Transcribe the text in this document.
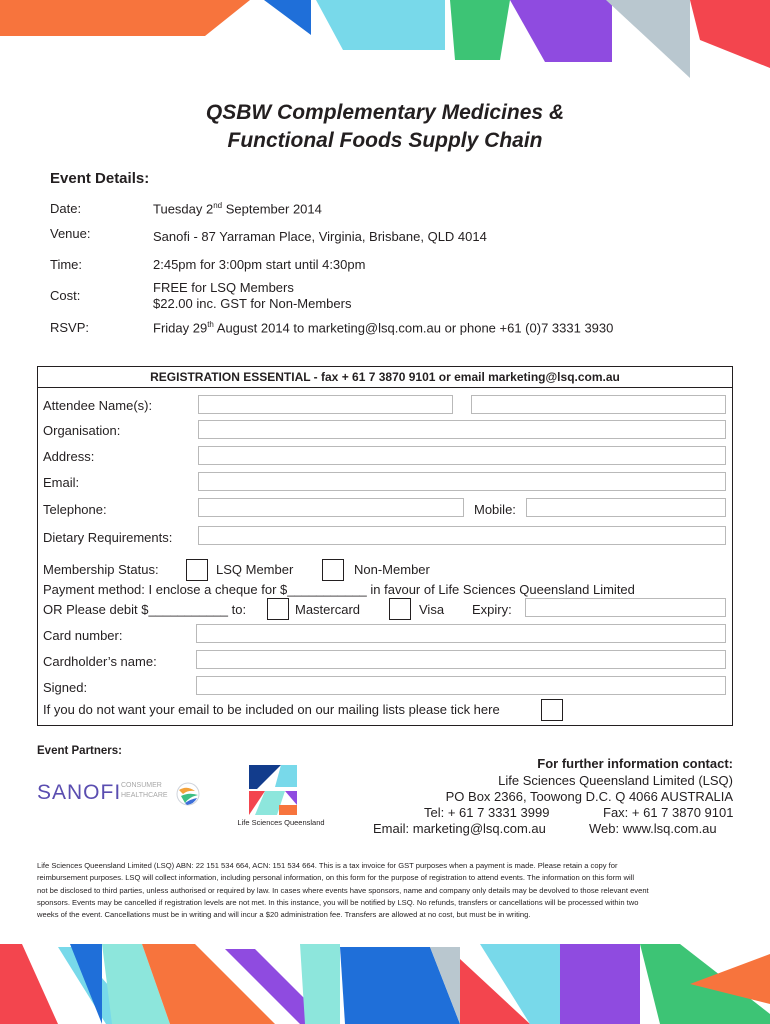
QSBW Complementary Medicines &
Functional Foods Supply Chain
Event Details:
Date:	Tuesday 2nd September 2014
Venue:	Sanofi - 87 Yarraman Place, Virginia, Brisbane, QLD 4014
Time:	2:45pm for 3:00pm start until 4:30pm
Cost:
FREE for LSQ Members
$22.00 inc. GST for Non-Members
RSVP:	Friday 29th August 2014 to marketing@lsq.com.au or phone +61 (0)7 3331 3930
REGISTRATION ESSENTIAL - fax + 61 7 3870 9101 or email marketing@lsq.com.au
Attendee Name(s):
Organisation:
Address:
Email:
Telephone:	Mobile:
Dietary Requirements:
Membership Status:	LSQ Member	Non-Member
Payment method: I enclose a cheque for $___________ in favour of Life Sciences Queensland Limited
OR Please debit $___________ to:	Mastercard	Visa Expiry:
Card number:
Cardholder’s name:
Signed:
If you do not want your email to be included on our mailing lists please tick here
Event Partners:
SANOFI CONSUMER
HEALTHCARE
Life Sciences Queensland
For further information contact:
Life Sciences Queensland Limited (LSQ)
PO Box 2366, Toowong D.C. Q 4066 AUSTRALIA
Tel: + 61 7 3331 3999	Fax: + 61 7 3870 9101
Email: marketing@lsq.com.au	Web: www.lsq.com.au
Life Sciences Queensland Limited (LSQ) ABN: 22 151 534 664, ACN: 151 534 664. This is a tax invoice for GST purposes when a payment is made. Please retain a copy for
reimbursement purposes. LSQ will collect information, including personal information, on this form for the purpose of registration to attend events. The information on this form will
not be disclosed to third parties, unless authorised or required by law. In cases where events have sponsors, name and company only details may be devolved to those relevant event
sponsors. Events may be cancelled if registration levels are not met. In this instance, you will be notified by LSQ. No refunds, transfers or cancellations will be processed within two
weeks of the event. Cancellations must be in writing and will incur a $20 administration fee. Transfers are allowed at no cost, but must be in writing.
